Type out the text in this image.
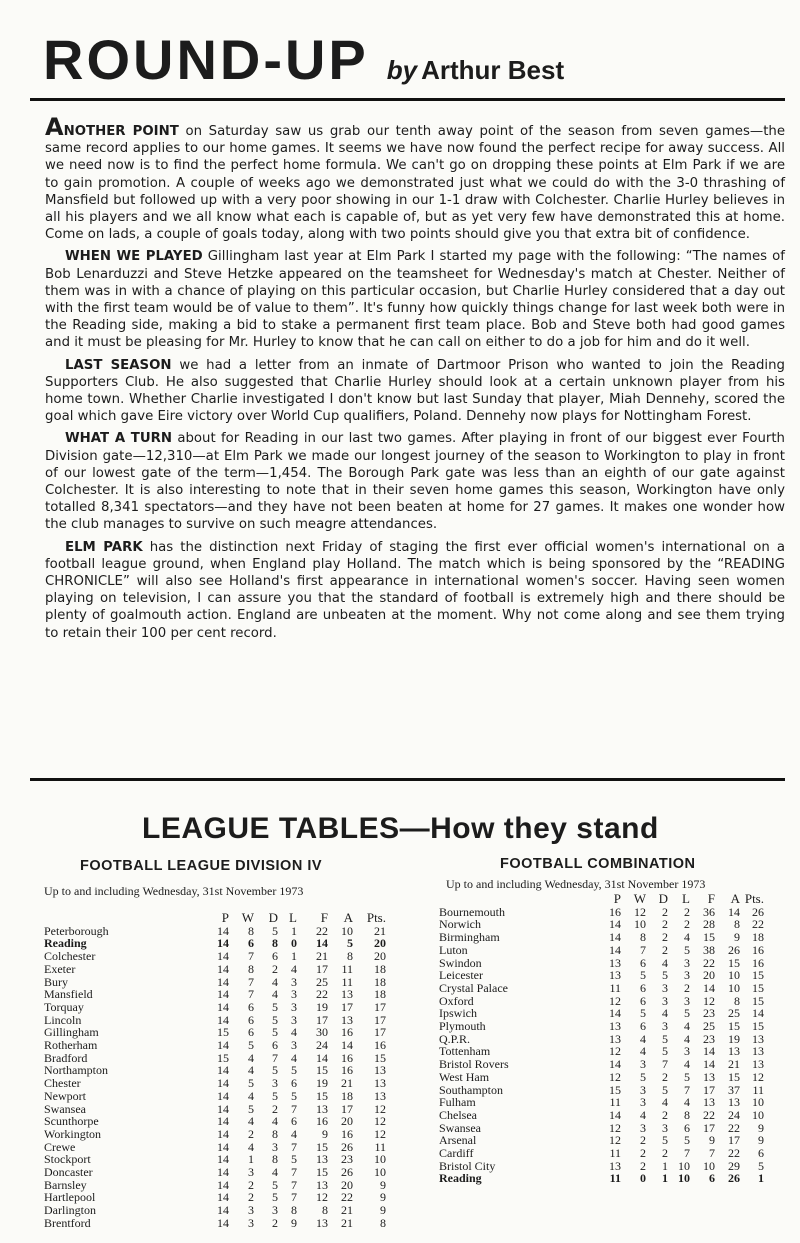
ROUND-UP by Arthur Best

ANOTHER POINT on Saturday saw us grab our tenth away point of the season from seven games—the same record applies to our home games. It seems we have now found the perfect recipe for away success. All we need now is to find the perfect home formula. We can't go on dropping these points at Elm Park if we are to gain promotion. A couple of weeks ago we demonstrated just what we could do with the 3-0 thrashing of Mansfield but followed up with a very poor showing in our 1-1 draw with Colchester. Charlie Hurley believes in all his players and we all know what each is capable of, but as yet very few have demonstrated this at home. Come on lads, a couple of goals today, along with two points should give you that extra bit of confidence.

WHEN WE PLAYED Gillingham last year at Elm Park I started my page with the following: “The names of Bob Lenarduzzi and Steve Hetzke appeared on the teamsheet for Wednesday's match at Chester. Neither of them was in with a chance of playing on this particular occasion, but Charlie Hurley considered that a day out with the first team would be of value to them”. It's funny how quickly things change for last week both were in the Reading side, making a bid to stake a permanent first team place. Bob and Steve both had good games and it must be pleasing for Mr. Hurley to know that he can call on either to do a job for him and do it well.

LAST SEASON we had a letter from an inmate of Dartmoor Prison who wanted to join the Reading Supporters Club. He also suggested that Charlie Hurley should look at a certain unknown player from his home town. Whether Charlie investigated I don't know but last Sunday that player, Miah Dennehy, scored the goal which gave Eire victory over World Cup qualifiers, Poland. Dennehy now plays for Nottingham Forest.

WHAT A TURN about for Reading in our last two games. After playing in front of our biggest ever Fourth Division gate—12,310—at Elm Park we made our longest journey of the season to Workington to play in front of our lowest gate of the term—1,454. The Borough Park gate was less than an eighth of our gate against Colchester. It is also interesting to note that in their seven home games this season, Workington have only totalled 8,341 spectators—and they have not been beaten at home for 27 games. It makes one wonder how the club manages to survive on such meagre attendances.

ELM PARK has the distinction next Friday of staging the first ever official women's international on a football league ground, when England play Holland. The match which is being sponsored by the “READING CHRONICLE” will also see Holland's first appearance in international women's soccer. Having seen women playing on television, I can assure you that the standard of football is extremely high and there should be plenty of goalmouth action. England are unbeaten at the moment. Why not come along and see them trying to retain their 100 per cent record.

LEAGUE TABLES—How they stand
FOOTBALL LEAGUE DIVISION IV
Up to and including Wednesday, 31st November 1973
FOOTBALL COMBINATION
Up to and including Wednesday, 31st November 1973
	P	W	D	L	F	A	Pts.
Peterborough	14	8	5	1	22	10	21
Reading	14	6	8	0	14	5	20
Colchester	14	7	6	1	21	8	20
Exeter	14	8	2	4	17	11	18
Bury	14	7	4	3	25	11	18
Mansfield	14	7	4	3	22	13	18
Torquay	14	6	5	3	19	17	17
Lincoln	14	6	5	3	17	13	17
Gillingham	15	6	5	4	30	16	17
Rotherham	14	5	6	3	24	14	16
Bradford	15	4	7	4	14	16	15
Northampton	14	4	5	5	15	16	13
Chester	14	5	3	6	19	21	13
Newport	14	4	5	5	15	18	13
Swansea	14	5	2	7	13	17	12
Scunthorpe	14	4	4	6	16	20	12
Workington	14	2	8	4	9	16	12
Crewe	14	4	3	7	15	26	11
Stockport	14	1	8	5	13	23	10
Doncaster	14	3	4	7	15	26	10
Barnsley	14	2	5	7	13	20	9
Hartlepool	14	2	5	7	12	22	9
Darlington	14	3	3	8	8	21	9
Brentford	14	3	2	9	13	21	8
	P	W	D	L	F	A	Pts.
Bournemouth	16	12	2	2	36	14	26
Norwich	14	10	2	2	28	8	22
Birmingham	14	8	2	4	15	9	18
Luton	14	7	2	5	38	26	16
Swindon	13	6	4	3	22	15	16
Leicester	13	5	5	3	20	10	15
Crystal Palace	11	6	3	2	14	10	15
Oxford	12	6	3	3	12	8	15
Ipswich	14	5	4	5	23	25	14
Plymouth	13	6	3	4	25	15	15
Q.P.R.	13	4	5	4	23	19	13
Tottenham	12	4	5	3	14	13	13
Bristol Rovers	14	3	7	4	14	21	13
West Ham	12	5	2	5	13	15	12
Southampton	15	3	5	7	17	37	11
Fulham	11	3	4	4	13	13	10
Chelsea	14	4	2	8	22	24	10
Swansea	12	3	3	6	17	22	9
Arsenal	12	2	5	5	9	17	9
Cardiff	11	2	2	7	7	22	6
Bristol City	13	2	1	10	10	29	5
Reading	11	0	1	10	6	26	1
